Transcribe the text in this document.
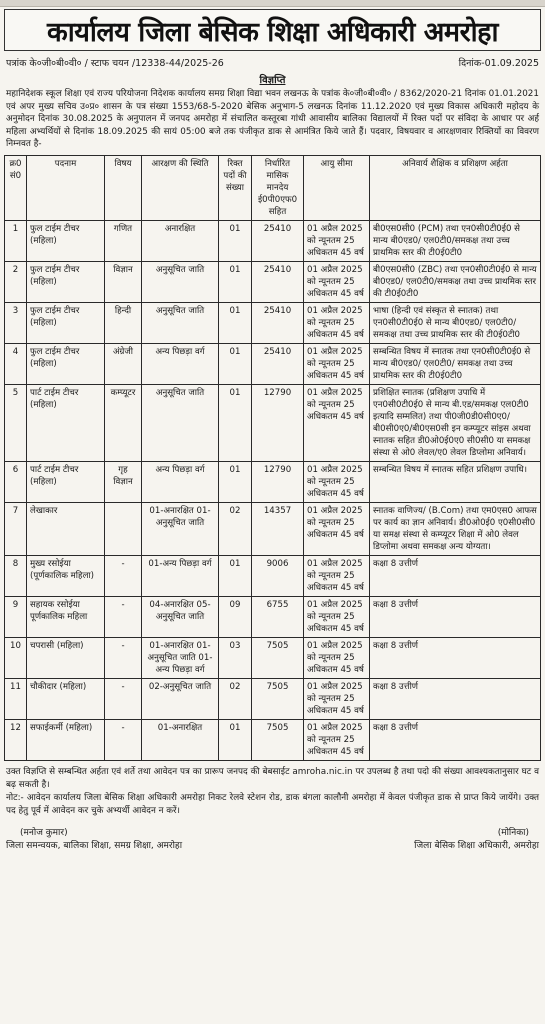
कार्यालय जिला बेसिक शिक्षा अधिकारी अमरोहा
पत्रांक के०जी०बी०वी० / स्टाफ चयन /12338-44/2025-26	दिनांक-01.09.2025
विज्ञप्ति
महानिदेशक स्कूल शिक्षा एवं राज्य परियोजना निदेशक कार्यालय समग्र शिक्षा विद्या भवन लखनऊ के पत्रांक के०जी०बी०वी० / 8362/2020-21 दिनांक 01.01.2021 एवं अपर मुख्य सचिव उ०प्र० शासन के पत्र संख्या 1553/68-5-2020 बेसिक अनुभाग-5 लखनऊ दिनांक 11.12.2020 एवं मुख्य विकास अधिकारी महोदय के अनुमोदन दिनांक 30.08.2025 के अनुपालन में जनपद अमरोहा में संचालित कस्तूरबा गांधी आवासीय बालिका विद्यालयों में रिक्त पदों पर संविदा के आधार पर अर्ह महिला अभ्यर्थियों से दिनांक 18.09.2025 की सायं 05:00 बजे तक पंजीकृत डाक से आमंत्रित किये जाते हैं। पदवार, विषयवार व आरक्षणवार रिक्तियों का विवरण निम्नवत है-
क्र0 सं0	पदनाम	विषय	आरक्षण की स्थिति	रिक्त पदों की संख्या	निर्धारित मासिक मानदेय ई0पी0एफ0 सहित	आयु सीमा	अनिवार्य शैक्षिक व प्रशिक्षण अर्हता
1	फुल टाईम टीचर (महिला)	गणित	अनारक्षित	01	25410	01 अप्रैल 2025 को न्यूनतम 25 अधिकतम 45 वर्ष	बी0एस0सी0 (PCM) तथा एन0सी0टी0ई0 से मान्य बी0एड0/ एल0टी0/समकक्ष तथा उच्च प्राथमिक स्तर की टी0ई0टी0
2	फुल टाईम टीचर (महिला)	विज्ञान	अनुसूचित जाति	01	25410	01 अप्रैल 2025 को न्यूनतम 25 अधिकतम 45 वर्ष	बी0एस0सी0 (ZBC) तथा एन0सी0टी0ई0 से मान्य बी0एड0/ एल0टी0/समकक्ष तथा उच्च प्राथमिक स्तर की टी0ई0टी0
3	फुल टाईम टीचर (महिला)	हिन्दी	अनुसूचित जाति	01	25410	01 अप्रैल 2025 को न्यूनतम 25 अधिकतम 45 वर्ष	भाषा (हिन्दी एवं संस्कृत से स्नातक) तथा एन0सी0टी0ई0 से मान्य बी0एड0/ एल0टी0/ समकक्ष तथा उच्च प्राथमिक स्तर की टी0ई0टी0
4	फुल टाईम टीचर (महिला)	अंग्रेजी	अन्य पिछड़ा वर्ग	01	25410	01 अप्रैल 2025 को न्यूनतम 25 अधिकतम 45 वर्ष	सम्बन्धित विषय में स्नातक तथा एन0सी0टी0ई0 से मान्य बी0एड0/ एल0टी0/ समकक्ष तथा उच्च प्राथमिक स्तर की टी0ई0टी0
5	पार्ट टाईम टीचर (महिला)	कम्प्यूटर	अनुसूचित जाति	01	12790	01 अप्रैल 2025 को न्यूनतम 25 अधिकतम 45 वर्ष	प्रशिक्षित स्नातक (प्रशिक्षण उपाधि में एन0सी0टी0ई0 से मान्य बी.एड/समकक्ष एल0टी0 इत्यादि सम्मलित) तथा पी0जी0डी0सी0ए0/बी0सी0ए0/बी0एस0सी इन कम्प्यूटर सांइस अथवा स्नातक सहित डी0ओ0ई0ए0 सी0सी0 या समकक्ष संस्था से ओ0 लेवल/ए0 लेवल डिप्लोमा अनिवार्य।
6	पार्ट टाईम टीचर (महिला)	गृह विज्ञान	अन्य पिछड़ा वर्ग	01	12790	01 अप्रैल 2025 को न्यूनतम 25 अधिकतम 45 वर्ष	सम्बन्धित विषय में स्नातक सहित प्रशिक्षण उपाधि।
7	लेखाकार		01-अनारक्षित 01-अनुसूचित जाति	02	14357	01 अप्रैल 2025 को न्यूनतम 25 अधिकतम 45 वर्ष	स्नातक वाणिज्य/ (B.Com) तथा एम0एस0 आफस पर कार्य का ज्ञान अनिवार्य। डी0ओ0ई0 ए0सी0सी0 या समक्ष संस्था से कम्प्यूटर शिक्षा में ओ0 लेवल डिप्लोमा अथवा समकक्ष अन्य योग्यता।
8	मुख्य रसोईया (पूर्णकालिक महिला)	-	01-अन्य पिछड़ा वर्ग	01	9006	01 अप्रैल 2025 को न्यूनतम 25 अधिकतम 45 वर्ष	कक्षा 8 उत्तीर्ण
9	सहायक रसोईया पूर्णकालिक महिला	-	04-अनारक्षित 05-अनुसूचित जाति	09	6755	01 अप्रैल 2025 को न्यूनतम 25 अधिकतम 45 वर्ष	कक्षा 8 उत्तीर्ण
10	चपरासी (महिला)	-	01-अनारक्षित 01-अनुसूचित जाति 01-अन्य पिछड़ा वर्ग	03	7505	01 अप्रैल 2025 को न्यूनतम 25 अधिकतम 45 वर्ष	कक्षा 8 उत्तीर्ण
11	चौकीदार (महिला)	-	02-अनुसूचित जाति	02	7505	01 अप्रैल 2025 को न्यूनतम 25 अधिकतम 45 वर्ष	कक्षा 8 उत्तीर्ण
12	सफाईकर्मी (महिला)	-	01-अनारक्षित	01	7505	01 अप्रैल 2025 को न्यूनतम 25 अधिकतम 45 वर्ष	कक्षा 8 उत्तीर्ण
उक्त विज्ञप्ति से सम्बन्धित अर्हता एवं शर्ते तथा आवेदन पत्र का प्रारूप जनपद की बेबसाईट amroha.nic.in पर उपलब्ध है तथा पदो की संख्या आवश्यकतानुसार घट व बढ़ सकती है।
नोट:- आवेदन कार्यालय जिला बेसिक शिक्षा अधिकारी अमरोहा निकट रेलवे स्टेशन रोड, डाक बंगला कालौनी अमरोहा में केवल पंजीकृत डाक से प्राप्त किये जायेंगे। उक्त पद हेतु पूर्व में आवेदन कर चुके अभ्यर्थी आवेदन न करें।
(मनोज कुमार)
जिला समन्वयक, बालिका शिक्षा, समग्र शिक्षा, अमरोहा
(मोनिका)
जिला बेसिक शिक्षा अधिकारी, अमरोहा
